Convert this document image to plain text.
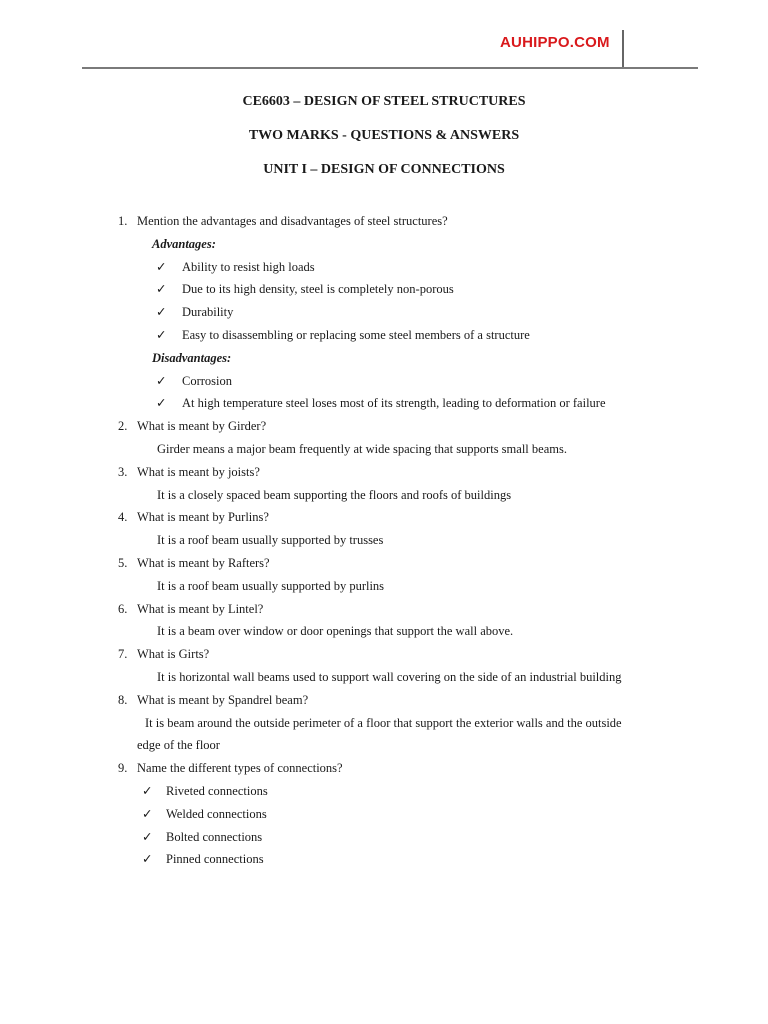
AUHIPPO.COM
CE6603 – DESIGN OF STEEL STRUCTURES
TWO MARKS - QUESTIONS & ANSWERS
UNIT I – DESIGN OF CONNECTIONS
1. Mention the advantages and disadvantages of steel structures?
Advantages:
✓ Ability to resist high loads
✓ Due to its high density, steel is completely non-porous
✓ Durability
✓ Easy to disassembling or replacing some steel members of a structure
Disadvantages:
✓ Corrosion
✓ At high temperature steel loses most of its strength, leading to deformation or failure
2. What is meant by Girder?
Girder means a major beam frequently at wide spacing that supports small beams.
3. What is meant by joists?
It is a closely spaced beam supporting the floors and roofs of buildings
4. What is meant by Purlins?
It is a roof beam usually supported by trusses
5. What is meant by Rafters?
It is a roof beam usually supported by purlins
6. What is meant by Lintel?
It is a beam over window or door openings that support the wall above.
7. What is Girts?
It is horizontal wall beams used to support wall covering on the side of an industrial building
8. What is meant by Spandrel beam?
It is beam around the outside perimeter of a floor that support the exterior walls and the outside
edge of the floor
9. Name the different types of connections?
✓ Riveted connections
✓ Welded connections
✓ Bolted connections
✓ Pinned connections
